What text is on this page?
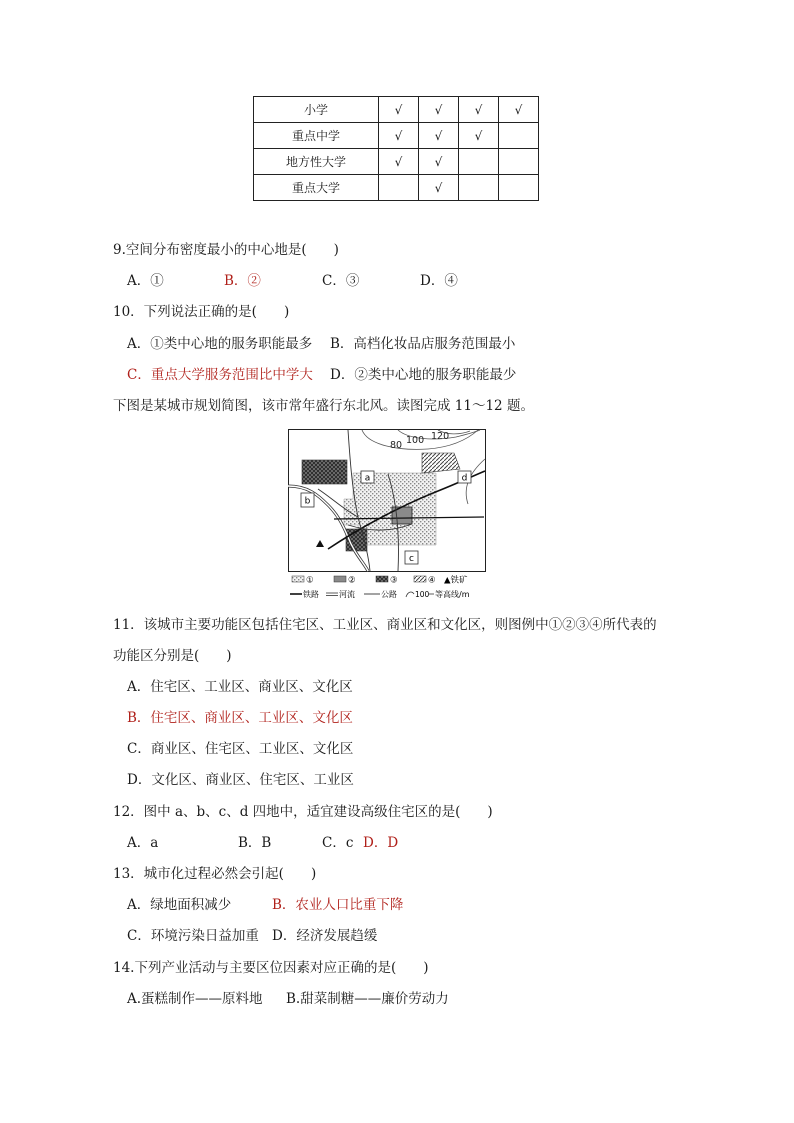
小学	√	√	√	√
重点中学	√	√	√	
地方性大学	√	√		
重点大学		√		
9.空间分布密度最小的中心地是(　　)
A．①	B．②	C．③	D．④
10．下列说法正确的是(　　)
A．①类中心地的服务职能最多 B．高档化妆品店服务范围最小
C．重点大学服务范围比中学大 D．②类中心地的服务职能最少
下图是某城市规划简图，该市常年盛行东北风。读图完成 11～12 题。
80 100 120
a
b
c
d
①	②	③	④ ▲铁矿
铁路	河流	公路 100 等高线/m
11．该城市主要功能区包括住宅区、工业区、商业区和文化区，则图例中①②③④所代表的
功能区分别是(　　)
A．住宅区、工业区、商业区、文化区
B．住宅区、商业区、工业区、文化区
C．商业区、住宅区、工业区、文化区
D．文化区、商业区、住宅区、工业区
12．图中 a、b、c、d 四地中，适宜建设高级住宅区的是(　　)
A．a	B．B	C．c D．D
13．城市化过程必然会引起(　　)
A．绿地面积减少	B．农业人口比重下降
C．环境污染日益加重 D．经济发展趋缓
14.下列产业活动与主要区位因素对应正确的是(　　)
A.蛋糕制作——原料地 B.甜菜制糖——廉价劳动力
